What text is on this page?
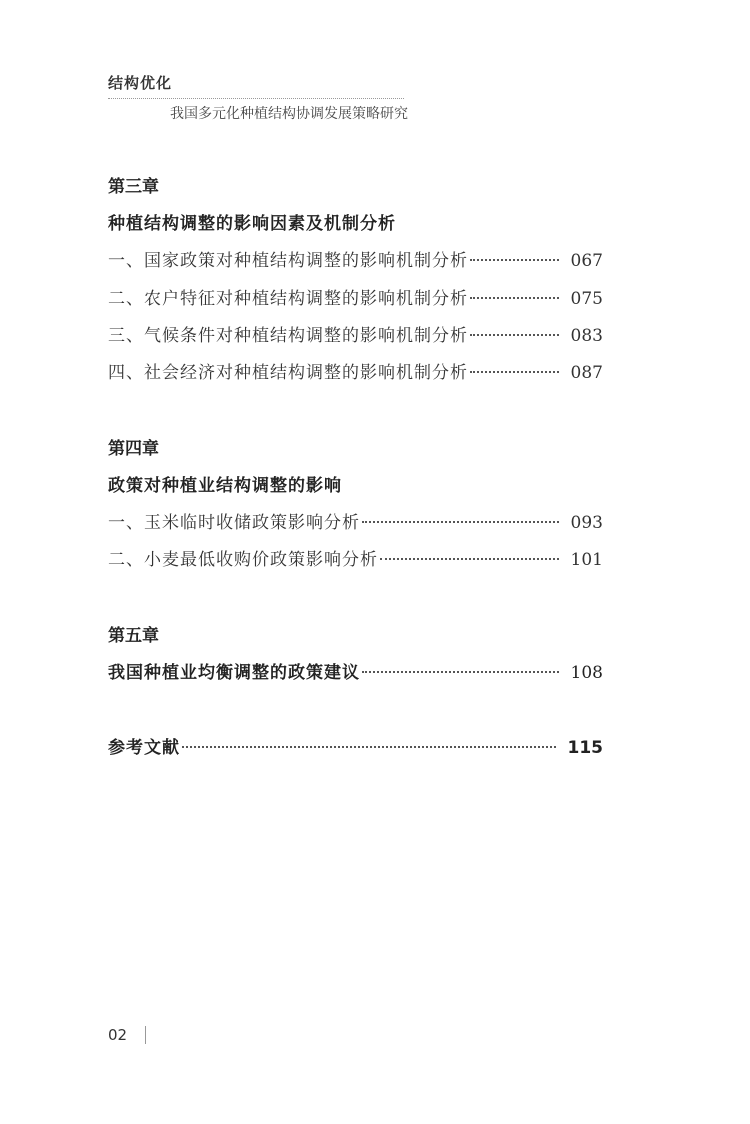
结构优化
我国多元化种植结构协调发展策略研究
第三章
种植结构调整的影响因素及机制分析
一、国家政策对种植结构调整的影响机制分析	067
二、农户特征对种植结构调整的影响机制分析	075
三、气候条件对种植结构调整的影响机制分析	083
四、社会经济对种植结构调整的影响机制分析	087
第四章
政策对种植业结构调整的影响
一、玉米临时收储政策影响分析	093
二、小麦最低收购价政策影响分析	101
第五章
我国种植业均衡调整的政策建议	108
参考文献	115
02
